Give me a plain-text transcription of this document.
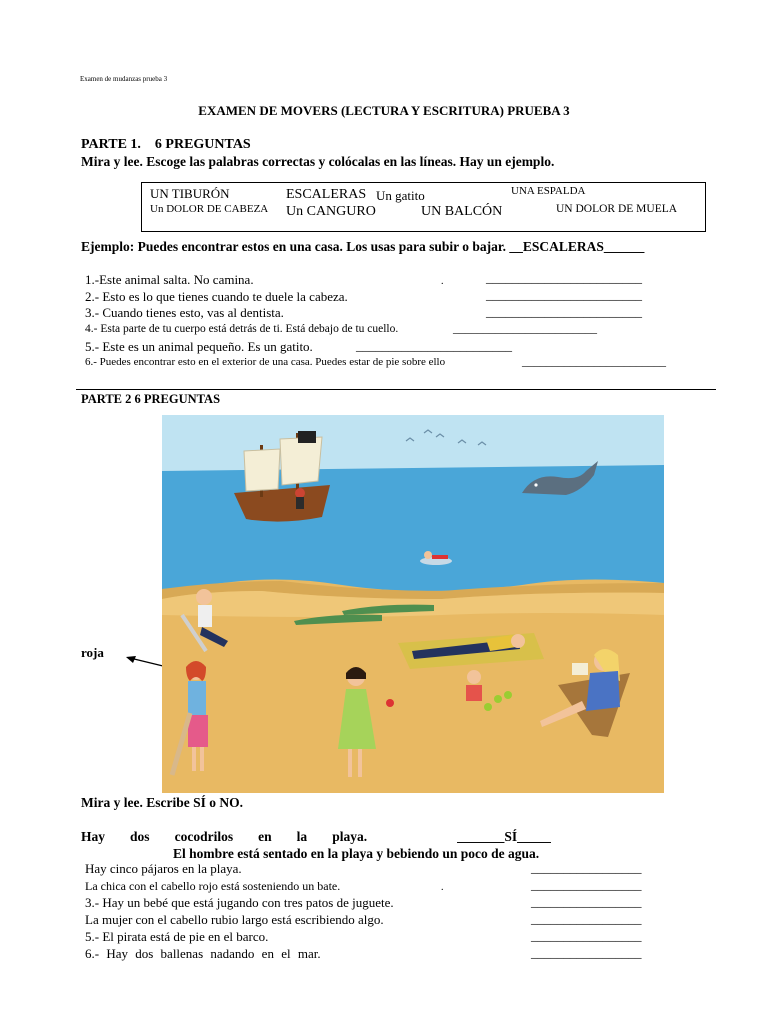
Examen de mudanzas prueba 3
EXAMEN DE MOVERS (LECTURA Y ESCRITURA) PRUEBA 3
PARTE 1.    6 PREGUNTAS
Mira y lee. Escoge las palabras correctas y colócalas en las líneas. Hay un ejemplo.
UN TIBURÓN	ESCALERAS Un gatito	UNA ESPALDA
Un DOLOR DE CABEZA Un CANGURO	UN BALCÓN	UN DOLOR DE MUELA
Ejemplo: Puedes encontrar estos en una casa. Los usas para subir o bajar. __ESCALERAS______
1.-Este animal salta. No camina.	.	________________________
2.- Esto es lo que tienes cuando te duele la cabeza.	________________________
3.- Cuando tienes esto, vas al dentista.	________________________
4.- Esta parte de tu cuerpo está detrás de ti. Está debajo de tu cuello.	________________________
5.- Este es un animal pequeño. Es un gatito.	________________________
6.- Puedes encontrar esto en el exterior de una casa. Puedes estar de pie sobre ello	________________________
PARTE 2 6 PREGUNTAS
roja
Mira y lee. Escribe SÍ o NO.
Hay dos cocodrilos en la playa.	_______SÍ_____
El hombre está sentado en la playa y bebiendo un poco de agua.
Hay cinco pájaros en la playa.	_________________
La chica con el cabello rojo está sosteniendo un bate.	.	_________________
3.- Hay un bebé que está jugando con tres patos de juguete.	_________________
La mujer con el cabello rubio largo está escribiendo algo.	_________________
5.- El pirata está de pie en el barco.	_________________
6.- Hay dos ballenas nadando en el mar.	_________________
